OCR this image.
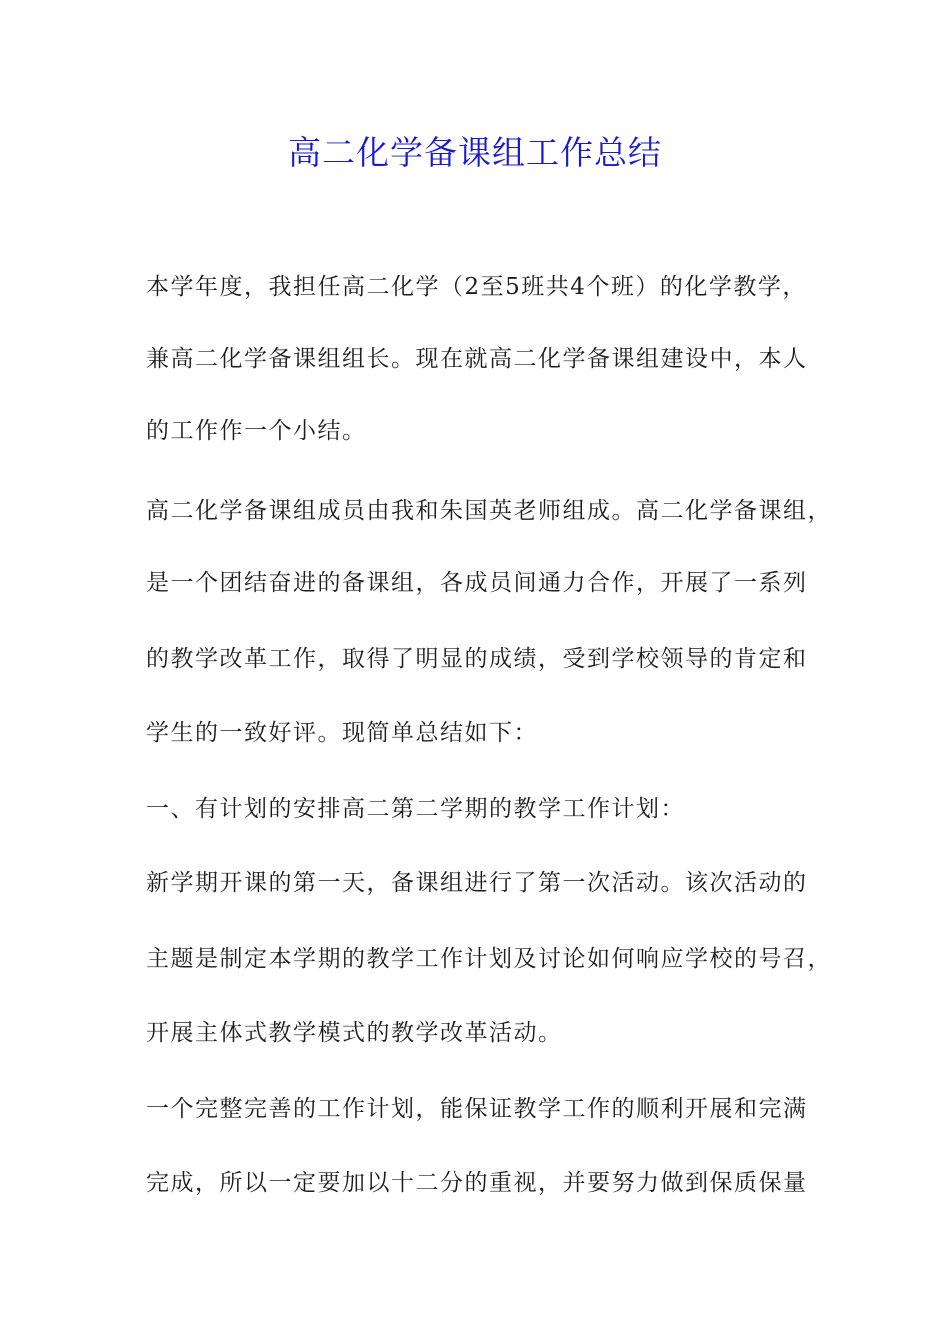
高二化学备课组工作总结
本学年度，我担任高二化学（2至5班共4个班）的化学教学，
兼高二化学备课组组长。现在就高二化学备课组建设中，本人
的工作作一个小结。
高二化学备课组成员由我和朱国英老师组成。高二化学备课组，
是一个团结奋进的备课组，各成员间通力合作，开展了一系列
的教学改革工作，取得了明显的成绩，受到学校领导的肯定和
学生的一致好评。现简单总结如下：
一、有计划的安排高二第二学期的教学工作计划：
新学期开课的第一天，备课组进行了第一次活动。该次活动的
主题是制定本学期的教学工作计划及讨论如何响应学校的号召，
开展主体式教学模式的教学改革活动。
一个完整完善的工作计划，能保证教学工作的顺利开展和完满
完成，所以一定要加以十二分的重视，并要努力做到保质保量
